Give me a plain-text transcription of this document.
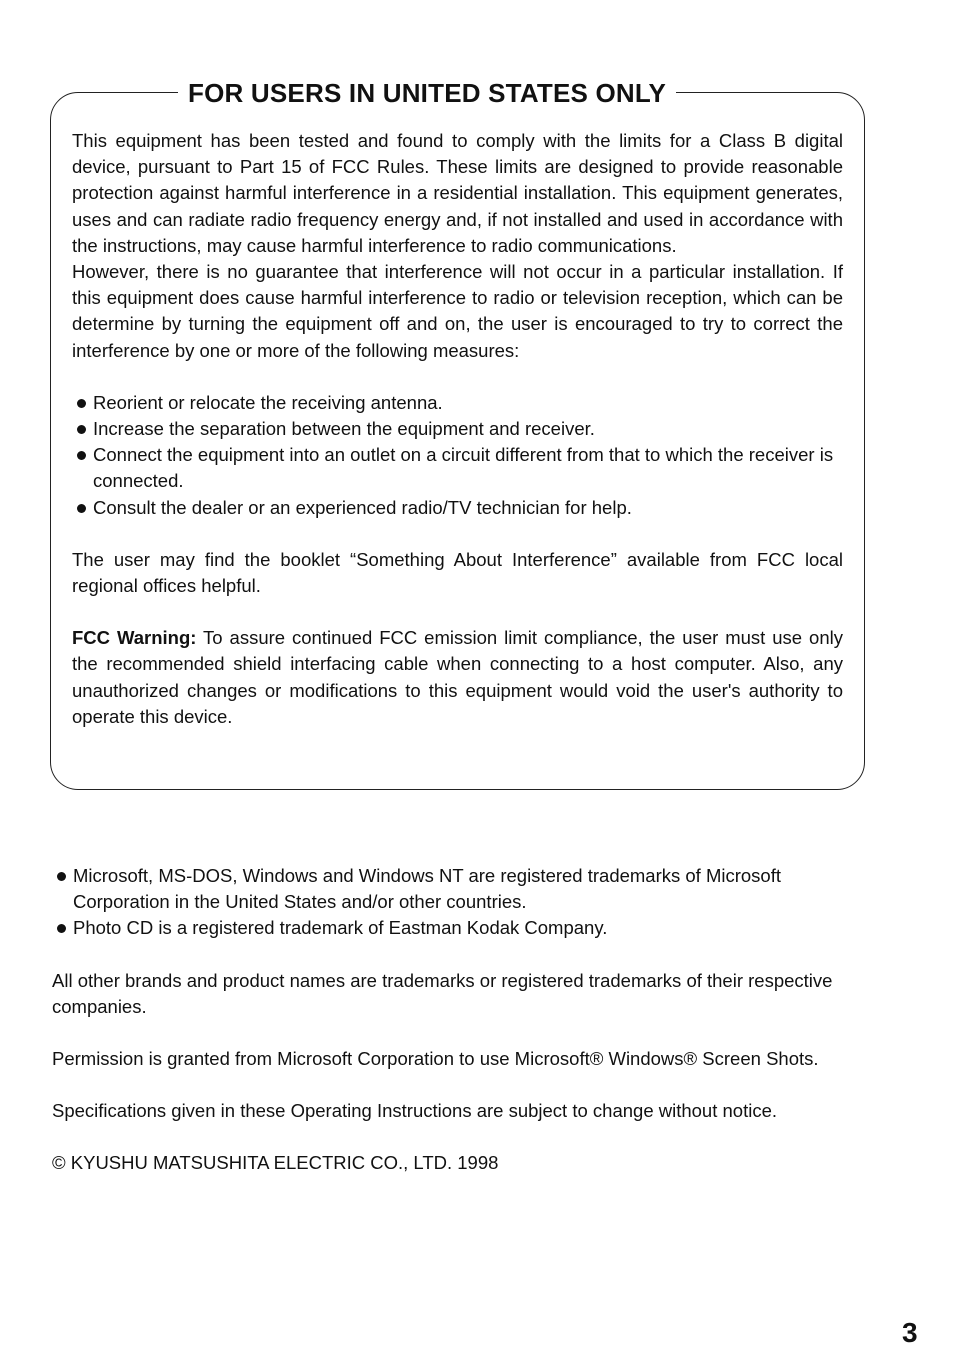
FOR USERS IN UNITED STATES ONLY

This equipment has been tested and found to comply with the limits for a Class B digital device, pursuant to Part 15 of FCC Rules. These limits are designed to provide reasonable protection against harmful interference in a residential installation. This equipment generates, uses and can radiate radio frequency energy and, if not installed and used in accordance with the instructions, may cause harmful interference to radio communications.

However, there is no guarantee that interference will not occur in a particular installation. If this equipment does cause harmful interference to radio or television reception, which can be determine by turning the equipment off and on, the user is encouraged to try to correct the interference by one or more of the following measures:

Reorient or relocate the receiving antenna.
Increase the separation between the equipment and receiver.
Connect the equipment into an outlet on a circuit different from that to which the receiver is connected.
Consult the dealer or an experienced radio/TV technician for help.

The user may find the booklet “Something About Interference” available from FCC local regional offices helpful.

FCC Warning: To assure continued FCC emission limit compliance, the user must use only the recommended shield interfacing cable when connecting to a host computer. Also, any unauthorized changes or modifications to this equipment would void the user's authority to operate this device.

Microsoft, MS-DOS, Windows and Windows NT are registered trademarks of Microsoft Corporation in the United States and/or other countries.
Photo CD is a registered trademark of Eastman Kodak Company.

All other brands and product names are trademarks or registered trademarks of their respective companies.

Permission is granted from Microsoft Corporation to use Microsoft® Windows® Screen Shots.

Specifications given in these Operating Instructions are subject to change without notice.

© KYUSHU MATSUSHITA ELECTRIC CO., LTD. 1998

3
